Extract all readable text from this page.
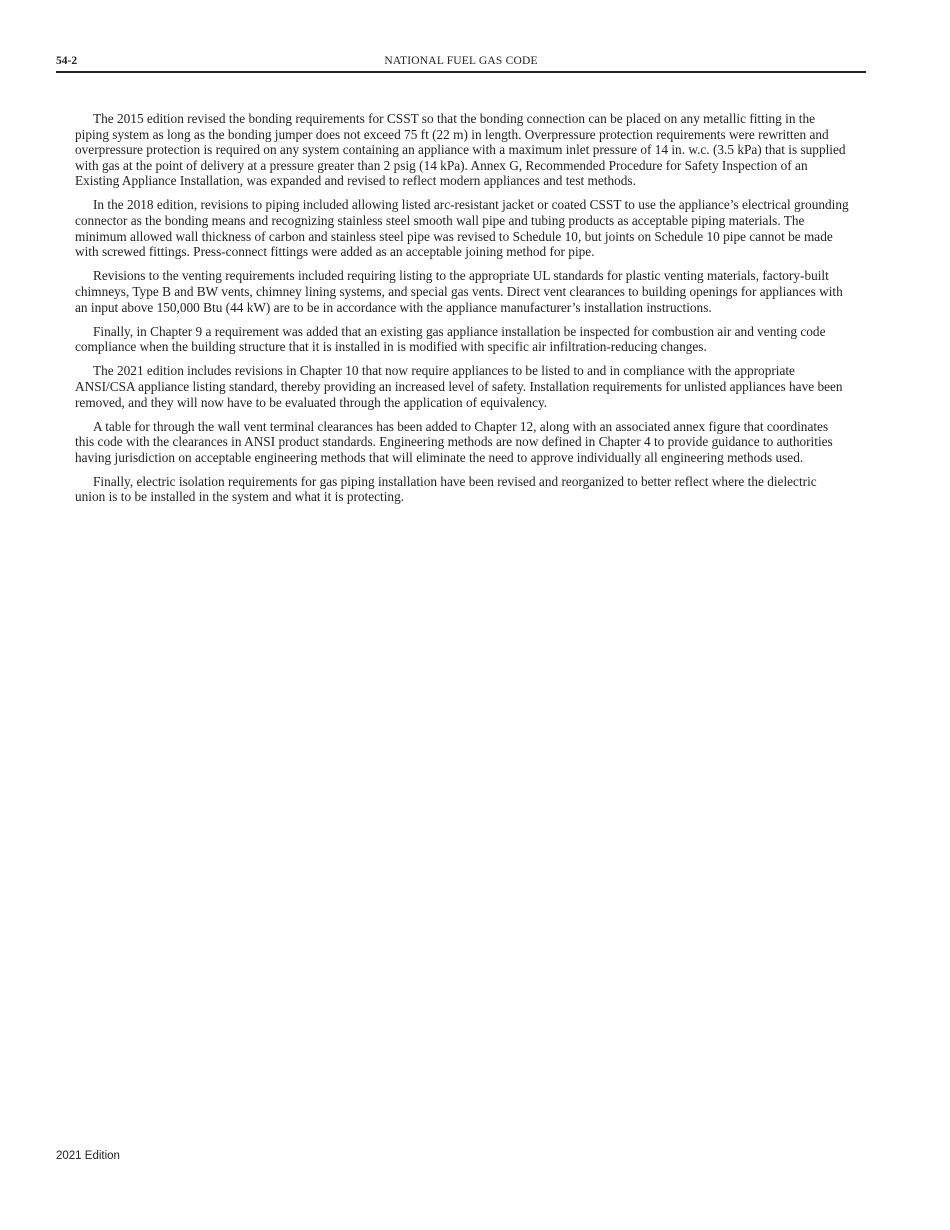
54-2	NATIONAL FUEL GAS CODE

The 2015 edition revised the bonding requirements for CSST so that the bonding connection can be placed on any metallic fitting in the piping system as long as the bonding jumper does not exceed 75 ft (22 m) in length. Overpressure protection requirements were rewritten and overpressure protection is required on any system containing an appliance with a maximum inlet pressure of 14 in. w.c. (3.5 kPa) that is supplied with gas at the point of delivery at a pressure greater than 2 psig (14 kPa). Annex G, Recommended Procedure for Safety Inspection of an Existing Appliance Installation, was expanded and revised to reflect modern appliances and test methods.

In the 2018 edition, revisions to piping included allowing listed arc-resistant jacket or coated CSST to use the appliance’s electrical grounding connector as the bonding means and recognizing stainless steel smooth wall pipe and tubing products as acceptable piping materials. The minimum allowed wall thickness of carbon and stainless steel pipe was revised to Schedule 10, but joints on Schedule 10 pipe cannot be made with screwed fittings. Press-connect fittings were added as an acceptable joining method for pipe.

Revisions to the venting requirements included requiring listing to the appropriate UL standards for plastic venting materials, factory-built chimneys, Type B and BW vents, chimney lining systems, and special gas vents. Direct vent clearances to building openings for appliances with an input above 150,000 Btu (44 kW) are to be in accordance with the appliance manufacturer’s installation instructions.

Finally, in Chapter 9 a requirement was added that an existing gas appliance installation be inspected for combustion air and venting code compliance when the building structure that it is installed in is modified with specific air infiltration-reducing changes.

The 2021 edition includes revisions in Chapter 10 that now require appliances to be listed to and in compliance with the appropriate ANSI/CSA appliance listing standard, thereby providing an increased level of safety. Installation requirements for unlisted appliances have been removed, and they will now have to be evaluated through the application of equivalency.

A table for through the wall vent terminal clearances has been added to Chapter 12, along with an associated annex figure that coordinates this code with the clearances in ANSI product standards. Engineering methods are now defined in Chapter 4 to provide guidance to authorities having jurisdiction on acceptable engineering methods that will eliminate the need to approve individually all engineering methods used.

Finally, electric isolation requirements for gas piping installation have been revised and reorganized to better reflect where the dielectric union is to be installed in the system and what it is protecting.

2021 Edition
